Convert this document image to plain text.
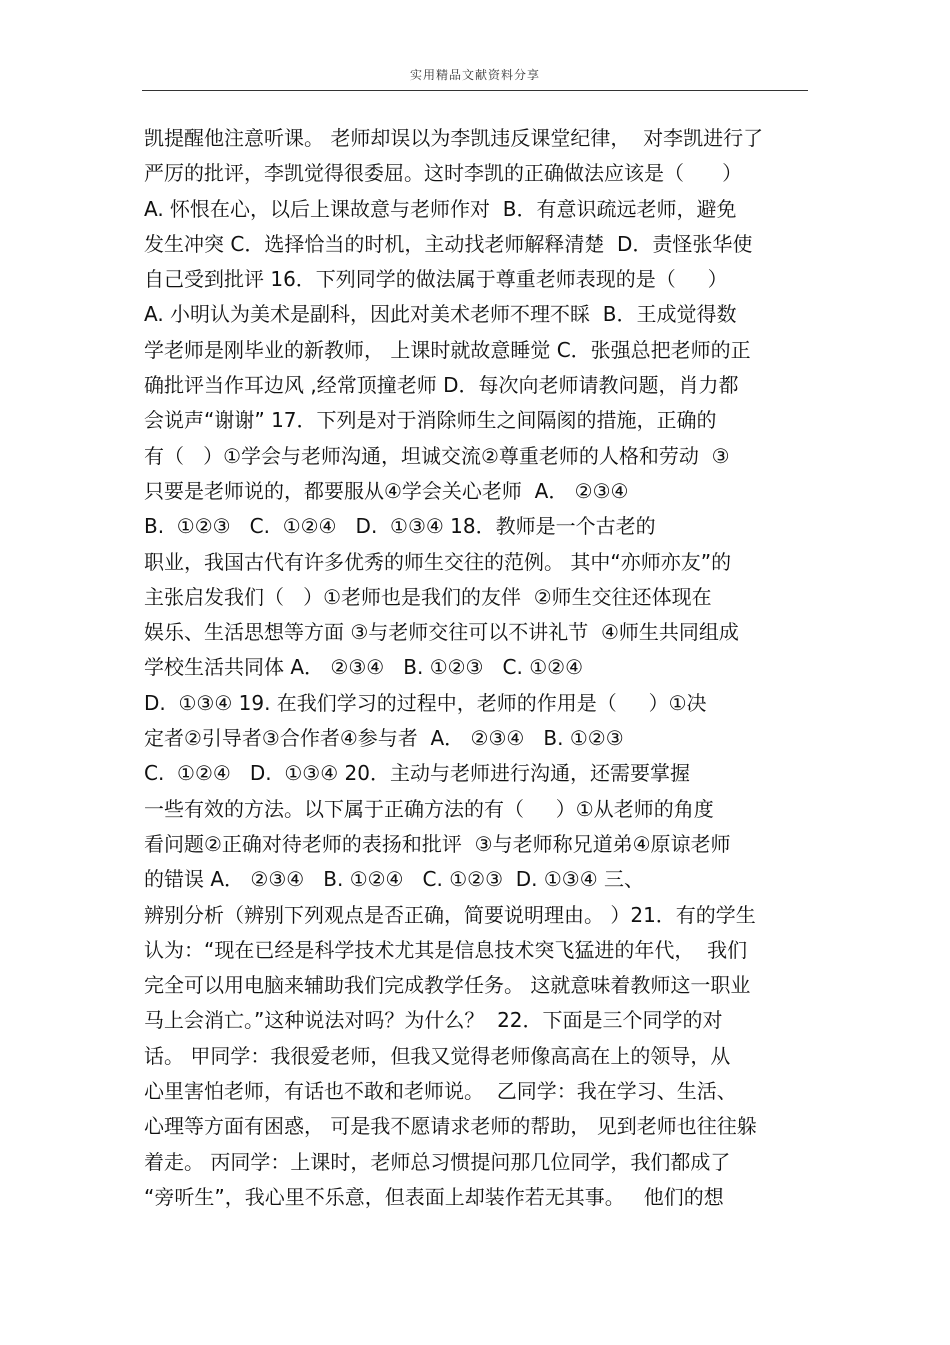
实用精品文献资料分享
凯提醒他注意听课。 老师却误以为李凯违反课堂纪律，  对李凯进行了
严厉的批评，李凯觉得很委屈。这时李凯的正确做法应该是（      ）
A. 怀恨在心，以后上课故意与老师作对  B．有意识疏远老师，避免
发生冲突 C．选择恰当的时机，主动找老师解释清楚  D．责怪张华使
自己受到批评 16．下列同学的做法属于尊重老师表现的是（     ）
A. 小明认为美术是副科，因此对美术老师不理不睬  B．王成觉得数
学老师是刚毕业的新教师， 上课时就故意睡觉 C．张强总把老师的正
确批评当作耳边风 ,经常顶撞老师 D．每次向老师请教问题，肖力都
会说声“谢谢” 17．下列是对于消除师生之间隔阂的措施，正确的
有（   ）①学会与老师沟通，坦诚交流②尊重老师的人格和劳动  ③
只要是老师说的，都要服从④学会关心老师  A． ②③④
B.  ①②③   C.  ①②④   D.  ①③④ 18．教师是一个古老的
职业，我国古代有许多优秀的师生交往的范例。 其中“亦师亦友”的
主张启发我们（   ）①老师也是我们的友伴  ②师生交往还体现在
娱乐、生活思想等方面 ③与老师交往可以不讲礼节  ④师生共同组成
学校生活共同体 A． ②③④   B. ①②③   C. ①②④
D.  ①③④ 19. 在我们学习的过程中，老师的作用是（     ）①决
定者②引导者③合作者④参与者  A． ②③④   B. ①②③
C.  ①②④   D.  ①③④ 20．主动与老师进行沟通，还需要掌握
一些有效的方法。以下属于正确方法的有（     ）①从老师的角度
看问题②正确对待老师的表扬和批评  ③与老师称兄道弟④原谅老师
的错误 A． ②③④   B. ①②④   C. ①②③  D. ①③④ 三、
辨别分析（辨别下列观点是否正确，简要说明理由。 ）21．有的学生
认为：“现在已经是科学技术尤其是信息技术突飞猛进的年代，  我们
完全可以用电脑来辅助我们完成教学任务。 这就意味着教师这一职业
马上会消亡。”这种说法对吗？为什么？  22．下面是三个同学的对
话。 甲同学：我很爱老师，但我又觉得老师像高高在上的领导，从
心里害怕老师，有话也不敢和老师说。  乙同学：我在学习、生活、
心理等方面有困惑， 可是我不愿请求老师的帮助， 见到老师也往往躲
着走。 丙同学：上课时，老师总习惯提问那几位同学，我们都成了
“旁听生”，我心里不乐意，但表面上却装作若无其事。   他们的想
